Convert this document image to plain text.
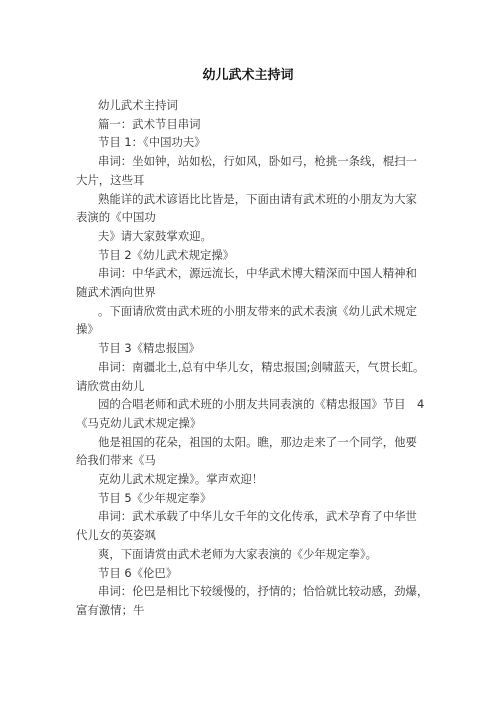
幼儿武术主持词
幼儿武术主持词
篇一：武术节目串词
节目 1：《中国功夫》
串词：坐如钟，站如松，行如风，卧如弓，枪挑一条线，棍扫一
大片，这些耳
熟能详的武术谚语比比皆是，下面由请有武术班的小朋友为大家
表演的《中国功
夫》请大家鼓掌欢迎。
节目 2《幼儿武术规定操》
串词：中华武术，源远流长，中华武术博大精深而中国人精神和
随武术洒向世界
。下面请欣赏由武术班的小朋友带来的武术表演《幼儿武术规定
操》
节目 3《精忠报国》
串词：南疆北土,总有中华儿女，精忠报国;剑啸蓝天，气贯长虹。
请欣赏由幼儿
园的合唱老师和武术班的小朋友共同表演的《精忠报国》节目　4
《马克幼儿武术规定操》
他是祖国的花朵，祖国的太阳。瞧，那边走来了一个同学，他要
给我们带来《马
克幼儿武术规定操》。掌声欢迎！
节目 5《少年规定拳》
串词：武术承载了中华儿女千年的文化传承，武术孕育了中华世
代儿女的英姿飒
爽，下面请赏由武术老师为大家表演的《少年规定拳》。
节目 6《伦巴》
串词：伦巴是相比下较缓慢的，抒情的；恰恰就比较动感，劲爆，
富有激情；牛
